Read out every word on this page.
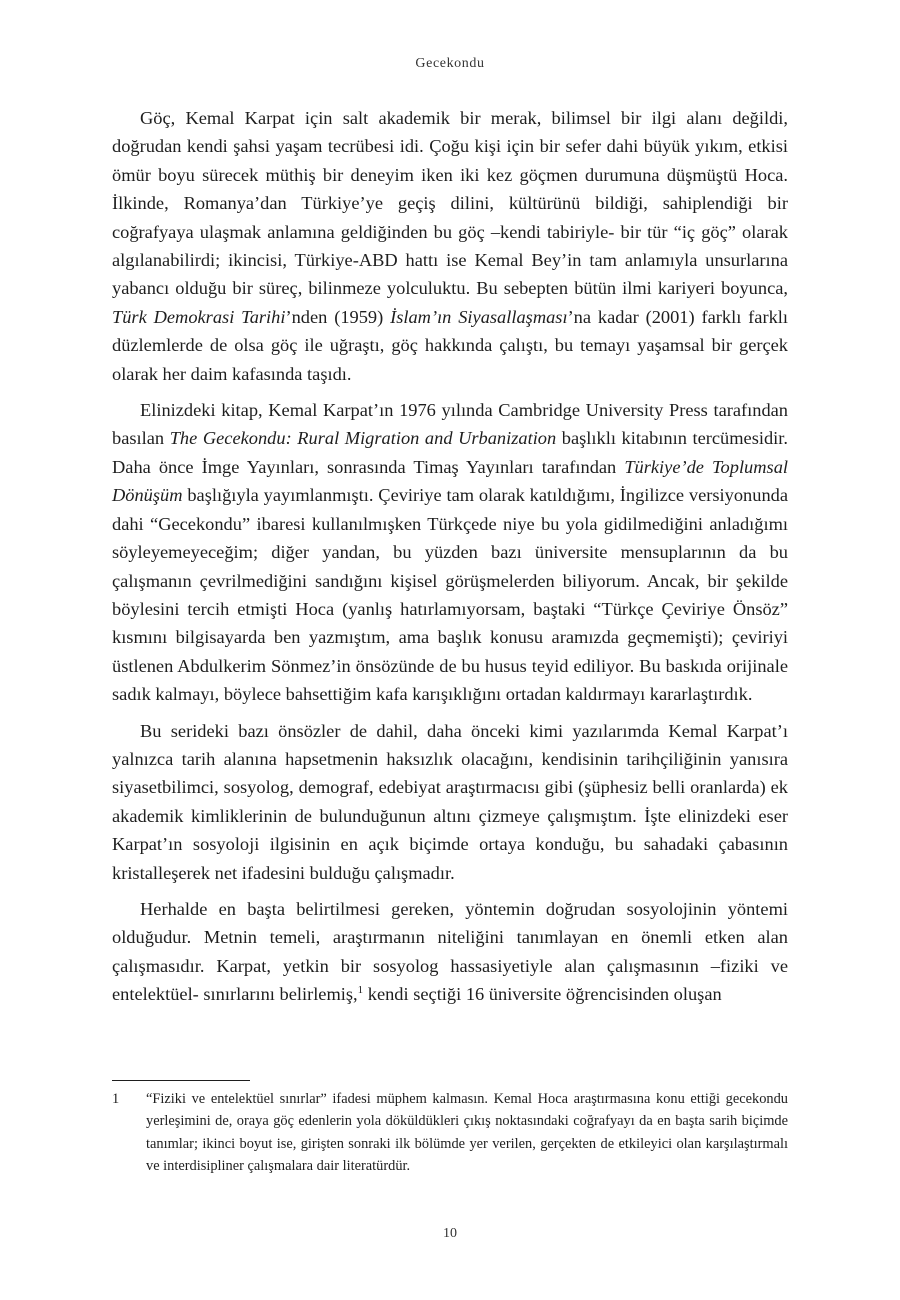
Gecekondu

Göç, Kemal Karpat için salt akademik bir merak, bilimsel bir ilgi alanı değildi, doğrudan kendi şahsi yaşam tecrübesi idi. Çoğu kişi için bir sefer dahi büyük yıkım, etkisi ömür boyu sürecek müthiş bir deneyim iken iki kez göçmen durumuna düşmüştü Hoca. İlkinde, Romanya’dan Türkiye’ye geçiş dilini, kültürünü bildiği, sahiplendiği bir coğrafyaya ulaşmak anlamına geldiğinden bu göç –kendi tabiriyle- bir tür “iç göç” olarak algılanabilirdi; ikincisi, Türkiye-ABD hattı ise Kemal Bey’in tam anlamıyla unsurlarına yabancı olduğu bir süreç, bilinmeze yolculuktu. Bu sebepten bütün ilmi kariyeri boyunca, Türk Demokrasi Tarihi’nden (1959) İslam’ın Siyasallaşması’na kadar (2001) farklı farklı düzlemlerde de olsa göç ile uğraştı, göç hakkında çalıştı, bu temayı yaşamsal bir gerçek olarak her daim kafasında taşıdı.

Elinizdeki kitap, Kemal Karpat’ın 1976 yılında Cambridge University Press tarafından basılan The Gecekondu: Rural Migration and Urbanization başlıklı kitabının tercümesidir. Daha önce İmge Yayınları, sonrasında Timaş Yayınları tarafından Türkiye’de Toplumsal Dönüşüm başlığıyla yayımlanmıştı. Çeviriye tam olarak katıldığımı, İngilizce versiyonunda dahi “Gecekondu” ibaresi kullanılmışken Türkçede niye bu yola gidilmediğini anladığımı söyleyemeyeceğim; diğer yandan, bu yüzden bazı üniversite mensuplarının da bu çalışmanın çevrilmediğini sandığını kişisel görüşmelerden biliyorum. Ancak, bir şekilde böylesini tercih etmişti Hoca (yanlış hatırlamıyorsam, baştaki “Türkçe Çeviriye Önsöz” kısmını bilgisayarda ben yazmıştım, ama başlık konusu aramızda geçmemişti); çeviriyi üstlenen Abdulkerim Sönmez’in önsözünde de bu husus teyid ediliyor. Bu baskıda orijinale sadık kalmayı, böylece bahsettiğim kafa karışıklığını ortadan kaldırmayı kararlaştırdık.

Bu serideki bazı önsözler de dahil, daha önceki kimi yazılarımda Kemal Karpat’ı yalnızca tarih alanına hapsetmenin haksızlık olacağını, kendisinin tarihçiliğinin yanısıra siyasetbilimci, sosyolog, demograf, edebiyat araştırmacısı gibi (şüphesiz belli oranlarda) ek akademik kimliklerinin de bulunduğunun altını çizmeye çalışmıştım. İşte elinizdeki eser Karpat’ın sosyoloji ilgisinin en açık biçimde ortaya konduğu, bu sahadaki çabasının kristalleşerek net ifadesini bulduğu çalışmadır.

Herhalde en başta belirtilmesi gereken, yöntemin doğrudan sosyolojinin yöntemi olduğudur. Metnin temeli, araştırmanın niteliğini tanımlayan en önemli etken alan çalışmasıdır. Karpat, yetkin bir sosyolog hassasiyetiyle alan çalışmasının –fiziki ve entelektüel- sınırlarını belirlemiş,$^1$ kendi seçtiği 16 üniversite öğrencisinden oluşan

1 “Fiziki ve entelektüel sınırlar” ifadesi müphem kalmasın. Kemal Hoca araştırmasına konu ettiği gecekondu yerleşimini de, oraya göç edenlerin yola döküldükleri çıkış noktasındaki coğrafyayı da en başta sarih biçimde tanımlar; ikinci boyut ise, girişten sonraki ilk bölümde yer verilen, gerçekten de etkileyici olan karşılaştırmalı ve interdisipliner çalışmalara dair literatürdür.
10
